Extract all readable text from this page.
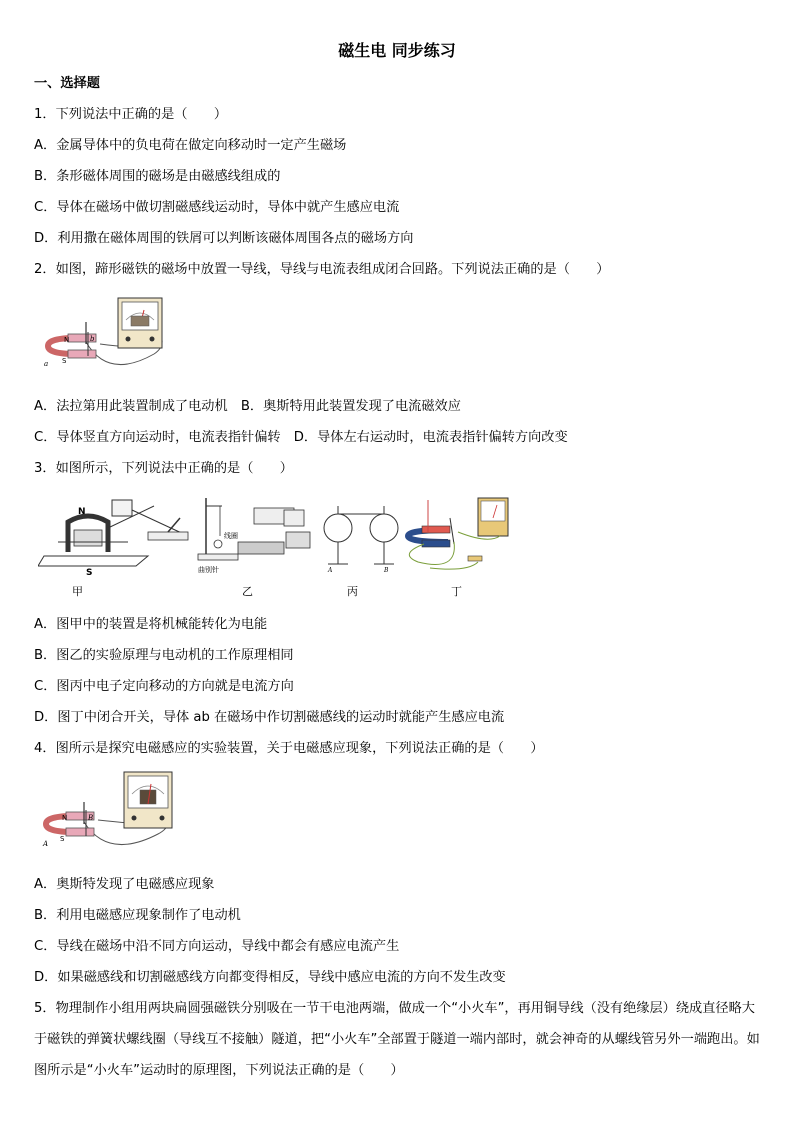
磁生电 同步练习
一、选择题
1．下列说法中正确的是（　　）
A．金属导体中的负电荷在做定向移动时一定产生磁场
B．条形磁体周围的磁场是由磁感线组成的
C．导体在磁场中做切割磁感线运动时，导体中就产生感应电流
D．利用撒在磁体周围的铁屑可以判断该磁体周围各点的磁场方向
2．如图，蹄形磁铁的磁场中放置一导线，导线与电流表组成闭合回路。下列说法正确的是（　　）
N
S
a
b
A．法拉第用此装置制成了电动机　B．奥斯特用此装置发现了电流磁效应
C．导体竖直方向运动时，电流表指针偏转　D．导体左右运动时，电流表指针偏转方向改变
3．如图所示，下列说法中正确的是（　　）
N
S
线圈
曲别针	A	B
甲	乙	丙	丁
A．图甲中的装置是将机械能转化为电能
B．图乙的实验原理与电动机的工作原理相同
C．图丙中电子定向移动的方向就是电流方向
D．图丁中闭合开关，导体 ab 在磁场中作切割磁感线的运动时就能产生感应电流
4．图所示是探究电磁感应的实验装置，关于电磁感应现象，下列说法正确的是（　　）
N
S
A
B
A．奥斯特发现了电磁感应现象
B．利用电磁感应现象制作了电动机
C．导线在磁场中沿不同方向运动，导线中都会有感应电流产生
D．如果磁感线和切割磁感线方向都变得相反，导线中感应电流的方向不发生改变
5．物理制作小组用两块扁圆强磁铁分别吸在一节干电池两端，做成一个“小火车”，再用铜导线（没有绝缘层）绕成直径略大于磁铁的弹簧状螺线圈（导线互不接触）隧道，把“小火车”全部置于隧道一端内部时，就会神奇的从螺线管另外一端跑出。如图所示是“小火车”运动时的原理图，下列说法正确的是（　　）
